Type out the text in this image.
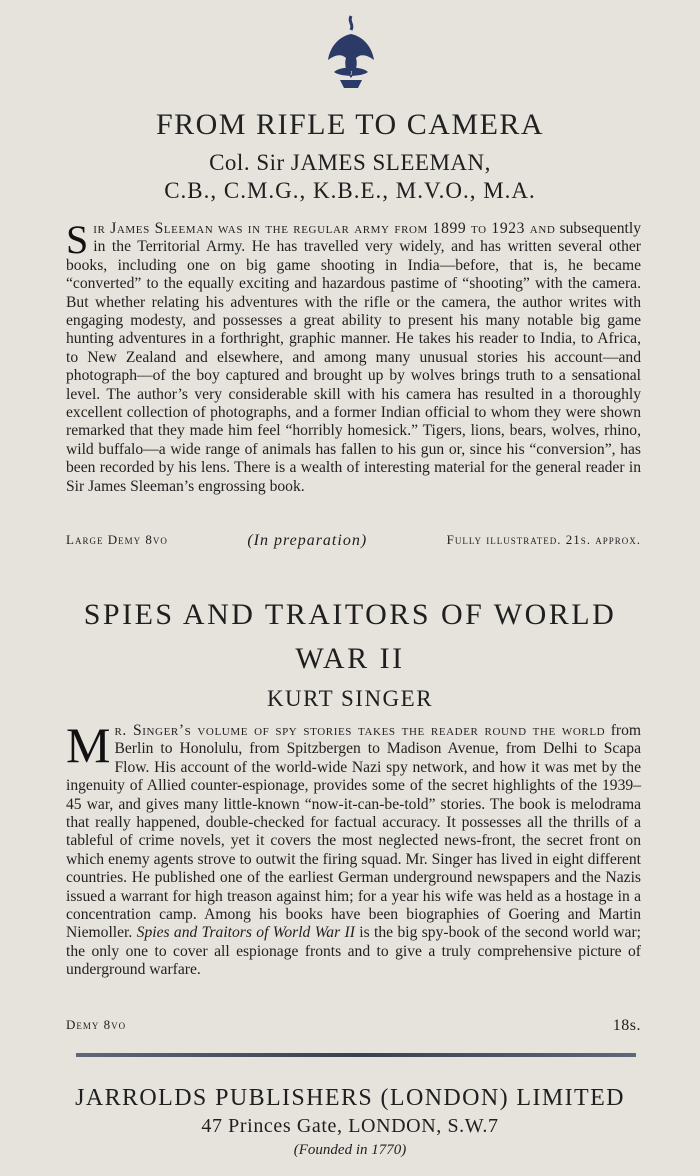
J
FROM RIFLE TO CAMERA
Col. Sir JAMES SLEEMAN,
C.B., C.M.G., K.B.E., M.V.O., M.A.

Sir James Sleeman was in the regular army from 1899 to 1923 and subsequently in the Territorial Army. He has travelled very widely, and has written several other books, including one on big game shooting in India—before, that is, he became “converted” to the equally exciting and hazardous pastime of “shooting” with the camera. But whether relating his adventures with the rifle or the camera, the author writes with engaging modesty, and possesses a great ability to present his many notable big game hunting adventures in a forthright, graphic manner. He takes his reader to India, to Africa, to New Zealand and elsewhere, and among many unusual stories his account—and photograph—of the boy captured and brought up by wolves brings truth to a sensational level. The author’s very considerable skill with his camera has resulted in a thoroughly excellent collection of photographs, and a former Indian official to whom they were shown remarked that they made him feel “horribly homesick.” Tigers, lions, bears, wolves, rhino, wild buffalo—a wide range of animals has fallen to his gun or, since his “conversion”, has been recorded by his lens. There is a wealth of interesting material for the general reader in Sir James Sleeman’s engrossing book.

Large Demy 8vo	(In preparation)	Fully illustrated. 21s. approx.
SPIES AND TRAITORS OF WORLD
WAR II
KURT SINGER

Mr. Singer’s volume of spy stories takes the reader round the world from Berlin to Honolulu, from Spitzbergen to Madison Avenue, from Delhi to Scapa Flow. His account of the world-wide Nazi spy network, and how it was met by the ingenuity of Allied counter-espionage, provides some of the secret highlights of the 1939–45 war, and gives many little-known “now-it-can-be-told” stories. The book is melodrama that really happened, double-checked for factual accuracy. It possesses all the thrills of a tableful of crime novels, yet it covers the most neglected news-front, the secret front on which enemy agents strove to outwit the firing squad. Mr. Singer has lived in eight different countries. He published one of the earliest German underground newspapers and the Nazis issued a warrant for high treason against him; for a year his wife was held as a hostage in a concentration camp. Among his books have been biographies of Goering and Martin Niemoller. Spies and Traitors of World War II is the big spy-book of the second world war; the only one to cover all espionage fronts and to give a truly comprehensive picture of underground warfare.

Demy 8vo	18s.
JARROLDS PUBLISHERS (LONDON) LIMITED
47 Princes Gate, LONDON, S.W.7
(Founded in 1770)
